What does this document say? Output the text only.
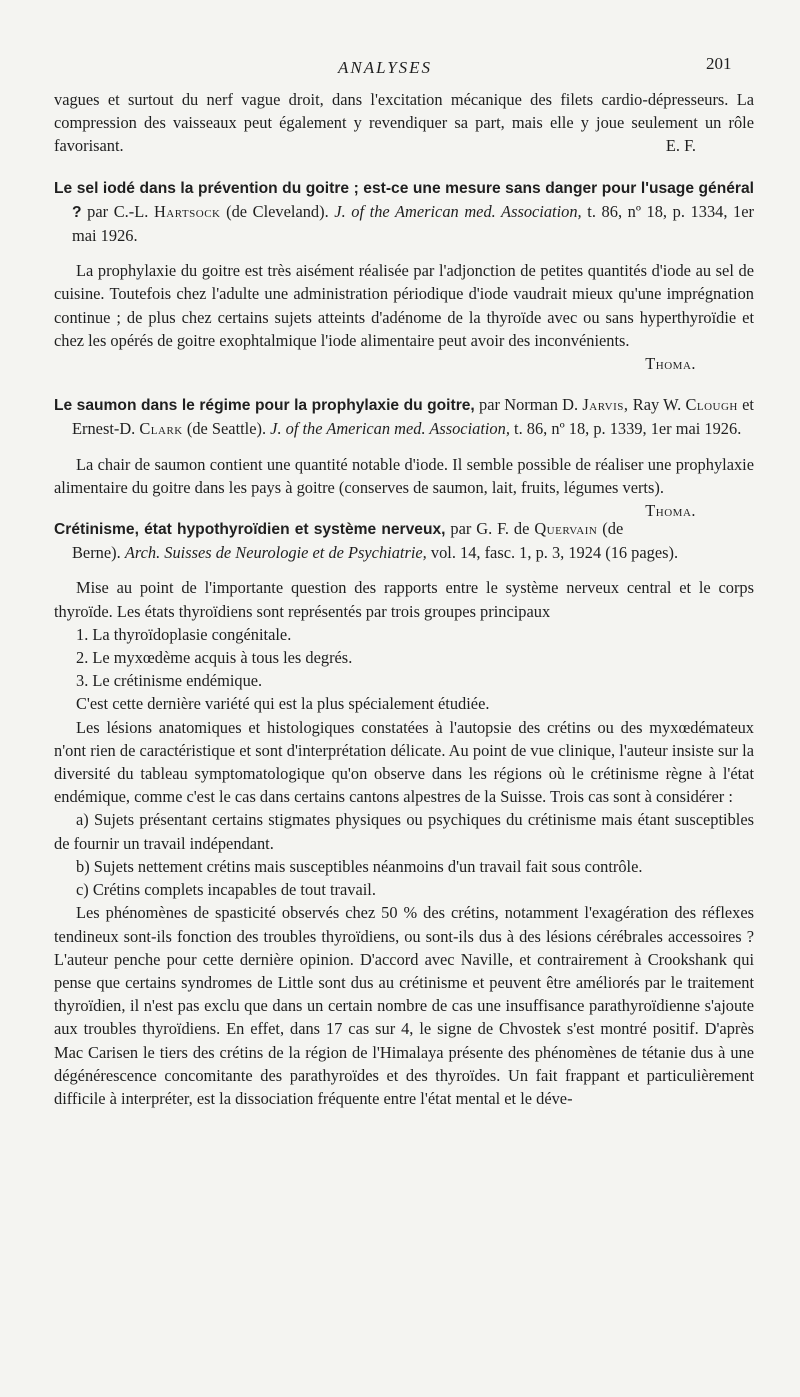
ANALYSES	201

vagues et surtout du nerf vague droit, dans l'excitation mécanique des filets cardio-dépresseurs. La compression des vaisseaux peut également y revendiquer sa part, mais elle y joue seulement un rôle favorisant.	E. F.

Le sel iodé dans la prévention du goitre ; est-ce une mesure sans danger pour l'usage général ? par C.-L. Hartsock (de Cleveland). J. of the American med. Association, t. 86, nº 18, p. 1334, 1er mai 1926.

La prophylaxie du goitre est très aisément réalisée par l'adjonction de petites quantités d'iode au sel de cuisine. Toutefois chez l'adulte une administration périodique d'iode vaudrait mieux qu'une imprégnation continue ; de plus chez certains sujets atteints d'adénome de la thyroïde avec ou sans hyperthyroïdie et chez les opérés de goitre exophtalmique l'iode alimentaire peut avoir des inconvénients.

Thoma.

Le saumon dans le régime pour la prophylaxie du goitre, par Norman D. Jarvis, Ray W. Clough et Ernest-D. Clark (de Seattle). J. of the American med. Association, t. 86, nº 18, p. 1339, 1er mai 1926.

La chair de saumon contient une quantité notable d'iode. Il semble possible de réaliser une prophylaxie alimentaire du goitre dans les pays à goitre (conserves de saumon, lait, fruits, légumes verts).
Thoma.

Crétinisme, état hypothyroïdien et système nerveux, par G. F. de Quervain (de Berne). Arch. Suisses de Neurologie et de Psychiatrie, vol. 14, fasc. 1, p. 3, 1924 (16 pages).

Mise au point de l'importante question des rapports entre le système nerveux central et le corps thyroïde. Les états thyroïdiens sont représentés par trois groupes principaux

1. La thyroïdoplasie congénitale.

2. Le myxœdème acquis à tous les degrés.

3. Le crétinisme endémique.

C'est cette dernière variété qui est la plus spécialement étudiée.

Les lésions anatomiques et histologiques constatées à l'autopsie des crétins ou des myxœdémateux n'ont rien de caractéristique et sont d'interprétation délicate. Au point de vue clinique, l'auteur insiste sur la diversité du tableau symptomatologique qu'on observe dans les régions où le crétinisme règne à l'état endémique, comme c'est le cas dans certains cantons alpestres de la Suisse. Trois cas sont à considérer :

a) Sujets présentant certains stigmates physiques ou psychiques du crétinisme mais étant susceptibles de fournir un travail indépendant.

b) Sujets nettement crétins mais susceptibles néanmoins d'un travail fait sous contrôle.

c) Crétins complets incapables de tout travail.

Les phénomènes de spasticité observés chez 50 % des crétins, notamment l'exagération des réflexes tendineux sont-ils fonction des troubles thyroïdiens, ou sont-ils dus à des lésions cérébrales accessoires ? L'auteur penche pour cette dernière opinion. D'accord avec Naville, et contrairement à Crookshank qui pense que certains syndromes de Little sont dus au crétinisme et peuvent être améliorés par le traitement thyroïdien, il n'est pas exclu que dans un certain nombre de cas une insuffisance parathyroïdienne s'ajoute aux troubles thyroïdiens. En effet, dans 17 cas sur 4, le signe de Chvostek s'est montré positif. D'après Mac Carisen le tiers des crétins de la région de l'Himalaya présente des phénomènes de tétanie dus à une dégénérescence concomitante des parathyroïdes et des thyroïdes. Un fait frappant et particulièrement difficile à interpréter, est la dissociation fréquente entre l'état mental et le déve-
